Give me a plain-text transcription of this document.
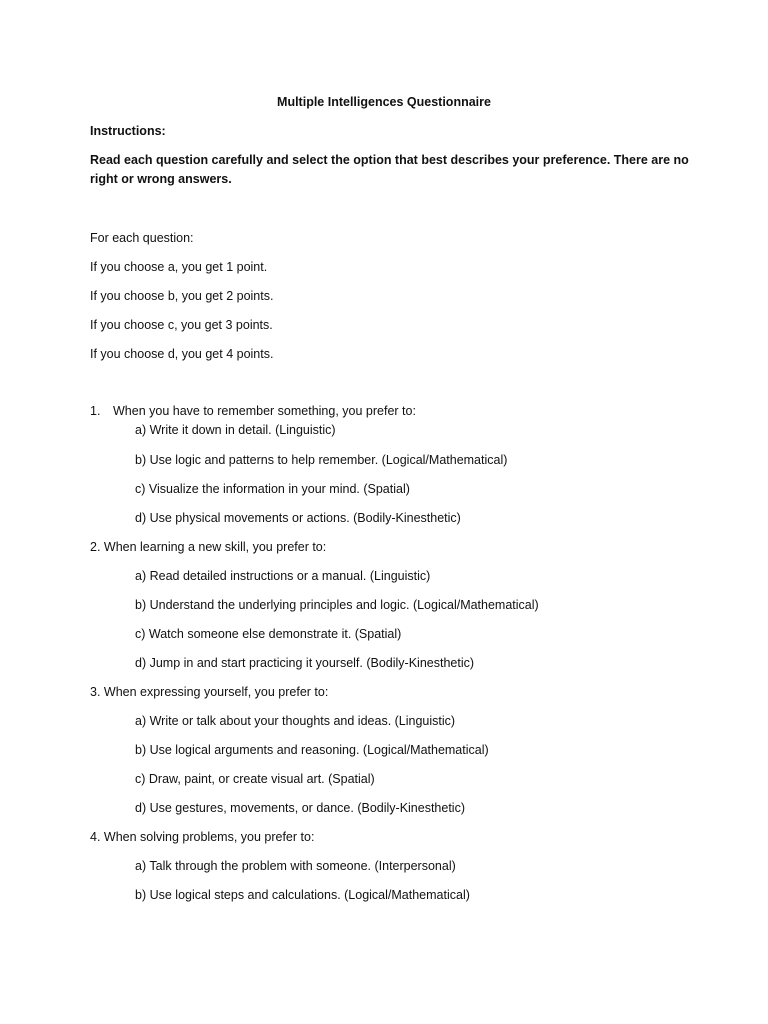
Multiple Intelligences Questionnaire
Instructions:
Read each question carefully and select the option that best describes your preference. There are no
right or wrong answers.
For each question:
If you choose a, you get 1 point.
If you choose b, you get 2 points.
If you choose c, you get 3 points.
If you choose d, you get 4 points.
1. When you have to remember something, you prefer to:
a) Write it down in detail. (Linguistic)
b) Use logic and patterns to help remember. (Logical/Mathematical)
c) Visualize the information in your mind. (Spatial)
d) Use physical movements or actions. (Bodily-Kinesthetic)
2. When learning a new skill, you prefer to:
a) Read detailed instructions or a manual. (Linguistic)
b) Understand the underlying principles and logic. (Logical/Mathematical)
c) Watch someone else demonstrate it. (Spatial)
d) Jump in and start practicing it yourself. (Bodily-Kinesthetic)
3. When expressing yourself, you prefer to:
a) Write or talk about your thoughts and ideas. (Linguistic)
b) Use logical arguments and reasoning. (Logical/Mathematical)
c) Draw, paint, or create visual art. (Spatial)
d) Use gestures, movements, or dance. (Bodily-Kinesthetic)
4. When solving problems, you prefer to:
a) Talk through the problem with someone. (Interpersonal)
b) Use logical steps and calculations. (Logical/Mathematical)
